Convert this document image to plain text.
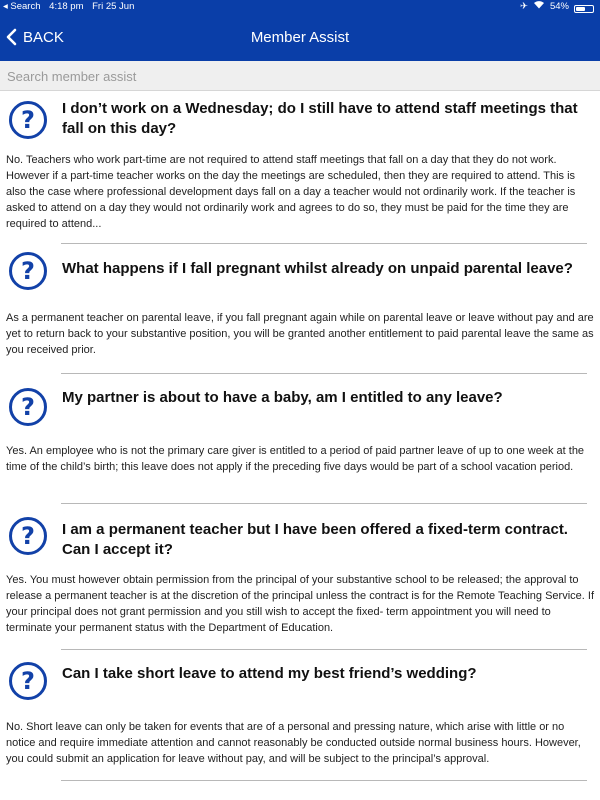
◂ Search 4:18 pm Fri 25 Jun	✈ 54%
Member Assist
BACK
Search member assist
? I don’t work on a Wednesday; do I still have to attend staff meetings that fall on this day?
No. Teachers who work part-time are not required to attend staff meetings that fall on a day that they do not work. However if a part-time teacher works on the day the meetings are scheduled, then they are required to attend. This is also the case where professional development days fall on a day a teacher would not ordinarily work. If the teacher is asked to attend on a day they would not ordinarily work and agrees to do so, they must be paid for the time they are required to attend...
? What happens if I fall pregnant whilst already on unpaid parental leave?
As a permanent teacher on parental leave, if you fall pregnant again while on parental leave or leave without pay and are yet to return back to your substantive position, you will be granted another entitlement to paid parental leave the same as you received prior.
? My partner is about to have a baby, am I entitled to any leave?
Yes. An employee who is not the primary care giver is entitled to a period of paid partner leave of up to one week at the time of the child’s birth; this leave does not apply if the preceding five days would be part of a school vacation period.
? I am a permanent teacher but I have been offered a fixed-term contract. Can I accept it?
Yes. You must however obtain permission from the principal of your substantive school to be released; the approval to release a permanent teacher is at the discretion of the principal unless the contract is for the Remote Teaching Service. If your principal does not grant permission and you still wish to accept the fixed- term appointment you will need to terminate your permanent status with the Department of Education.
? Can I take short leave to attend my best friend’s wedding?
No. Short leave can only be taken for events that are of a personal and pressing nature, which arise with little or no notice and require immediate attention and cannot reasonably be conducted outside normal business hours. However, you could submit an application for leave without pay, and will be subject to the principal’s approval.
